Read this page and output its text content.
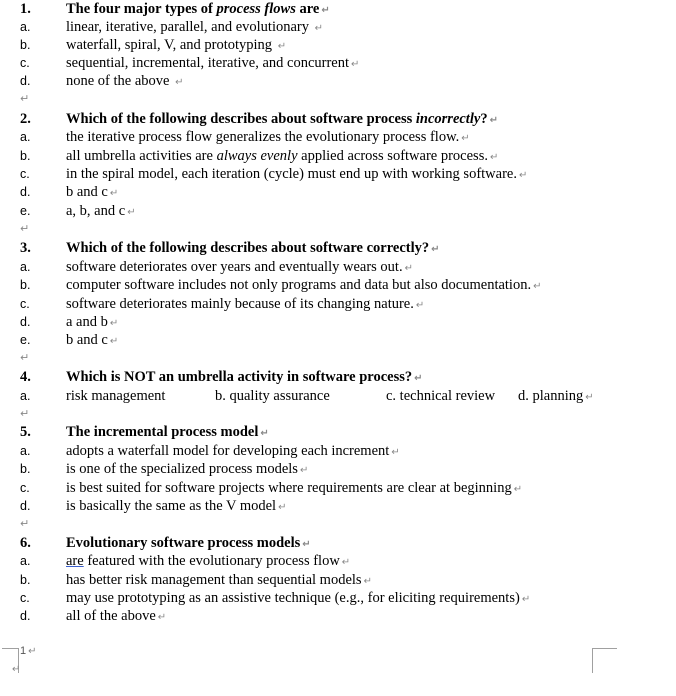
1.	The four major types of process flows are ↵
a.	linear, iterative, parallel, and evolutionary ↵
b.	waterfall, spiral, V, and prototyping ↵
c.	sequential, incremental, iterative, and concurrent ↵
d.	none of the above ↵
↵
2.	Which of the following describes about software process incorrectly? ↵
a.	the iterative process flow generalizes the evolutionary process flow. ↵
b.	all umbrella activities are always evenly applied across software process. ↵
c.	in the spiral model, each iteration (cycle) must end up with working software. ↵
d.	b and c ↵
e.	a, b, and c ↵
↵
3.	Which of the following describes about software correctly? ↵
a.	software deteriorates over years and eventually wears out. ↵
b.	computer software includes not only programs and data but also documentation. ↵
c.	software deteriorates mainly because of its changing nature. ↵
d.	a and b ↵
e.	b and c ↵
↵
4.	Which is NOT an umbrella activity in software process? ↵
a.	risk management	b. quality assurance	c. technical review d. planning ↵
↵
5.	The incremental process model ↵
a.	adopts a waterfall model for developing each increment ↵
b.	is one of the specialized process models ↵
c.	is best suited for software projects where requirements are clear at beginning ↵
d.	is basically the same as the V model ↵
↵
6.	Evolutionary software process models ↵
a.	are featured with the evolutionary process flow ↵
b.	has better risk management than sequential models ↵
c.	may use prototyping as an assistive technique (e.g., for eliciting requirements) ↵
d.	all of the above ↵
1 ↵
↵
